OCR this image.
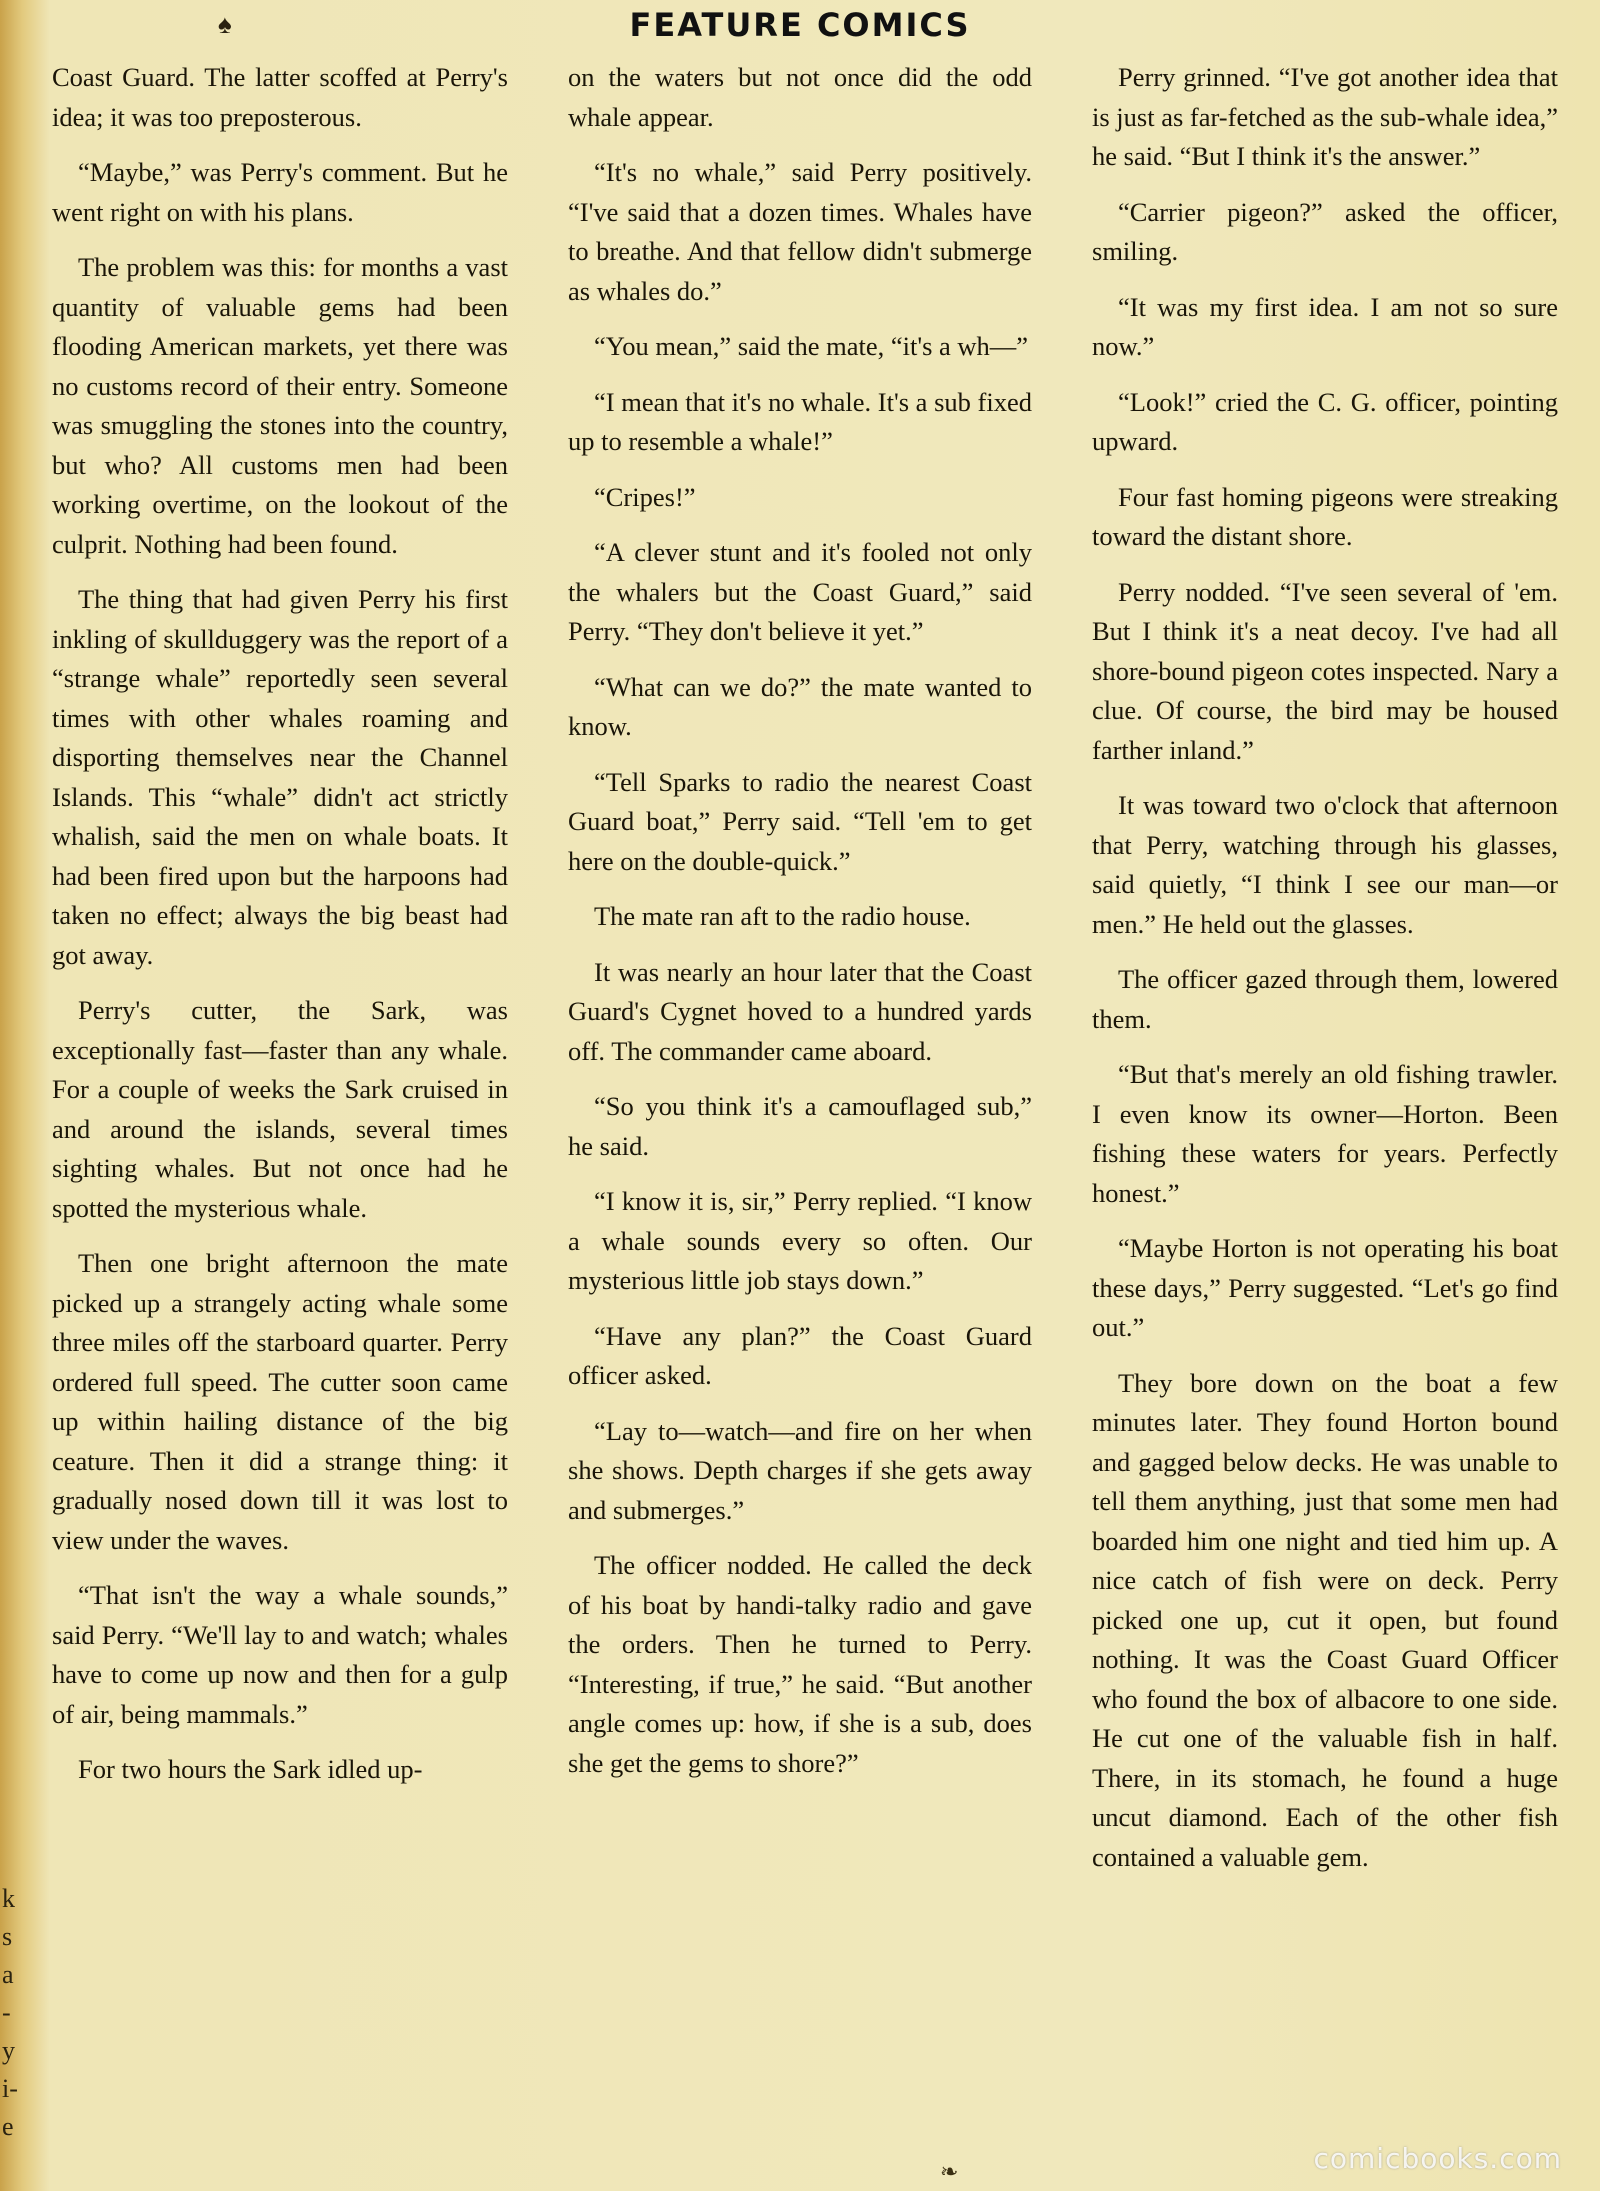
k
s
a
-
y
i-
e
♠	FEATURE COMICS

Coast Guard. The latter scoffed at Perry's idea; it was too preposterous.

“Maybe,” was Perry's comment. But he went right on with his plans.

The problem was this: for months a vast quantity of valuable gems had been flooding American markets, yet there was no customs record of their entry. Someone was smuggling the stones into the country, but who? All customs men had been working overtime, on the lookout of the culprit. Nothing had been found.

The thing that had given Perry his first inkling of skullduggery was the report of a “strange whale” reportedly seen several times with other whales roaming and disporting themselves near the Channel Islands. This “whale” didn't act strictly whalish, said the men on whale boats. It had been fired upon but the harpoons had taken no effect; always the big beast had got away.

Perry's cutter, the Sark, was exceptionally fast—faster than any whale. For a couple of weeks the Sark cruised in and around the islands, several times sighting whales. But not once had he spotted the mysterious whale.

Then one bright afternoon the mate picked up a strangely acting whale some three miles off the starboard quarter. Perry ordered full speed. The cutter soon came up within hailing distance of the big ceature. Then it did a strange thing: it gradually nosed down till it was lost to view under the waves.

“That isn't the way a whale sounds,” said Perry. “We'll lay to and watch; whales have to come up now and then for a gulp of air, being mammals.”

For two hours the Sark idled up-

on the waters but not once did the odd whale appear.

“It's no whale,” said Perry positively. “I've said that a dozen times. Whales have to breathe. And that fellow didn't submerge as whales do.”

“You mean,” said the mate, “it's a wh—”

“I mean that it's no whale. It's a sub fixed up to resemble a whale!”

“Cripes!”

“A clever stunt and it's fooled not only the whalers but the Coast Guard,” said Perry. “They don't believe it yet.”

“What can we do?” the mate wanted to know.

“Tell Sparks to radio the nearest Coast Guard boat,” Perry said. “Tell 'em to get here on the double-quick.”

The mate ran aft to the radio house.

It was nearly an hour later that the Coast Guard's Cygnet hoved to a hundred yards off. The commander came aboard.

“So you think it's a camouflaged sub,” he said.

“I know it is, sir,” Perry replied. “I know a whale sounds every so often. Our mysterious little job stays down.”

“Have any plan?” the Coast Guard officer asked.

“Lay to—watch—and fire on her when she shows. Depth charges if she gets away and submerges.”

The officer nodded. He called the deck of his boat by handi-talky radio and gave the orders. Then he turned to Perry. “Interesting, if true,” he said. “But another angle comes up: how, if she is a sub, does she get the gems to shore?”

Perry grinned. “I've got another idea that is just as far-fetched as the sub-whale idea,” he said. “But I think it's the answer.”

“Carrier pigeon?” asked the officer, smiling.

“It was my first idea. I am not so sure now.”

“Look!” cried the C. G. officer, pointing upward.

Four fast homing pigeons were streaking toward the distant shore.

Perry nodded. “I've seen several of 'em. But I think it's a neat decoy. I've had all shore-bound pigeon cotes inspected. Nary a clue. Of course, the bird may be housed farther inland.”

It was toward two o'clock that afternoon that Perry, watching through his glasses, said quietly, “I think I see our man—or men.” He held out the glasses.

The officer gazed through them, lowered them.

“But that's merely an old fishing trawler. I even know its owner—Horton. Been fishing these waters for years. Perfectly honest.”

“Maybe Horton is not operating his boat these days,” Perry suggested. “Let's go find out.”

They bore down on the boat a few minutes later. They found Horton bound and gagged below decks. He was unable to tell them anything, just that some men had boarded him one night and tied him up. A nice catch of fish were on deck. Perry picked one up, cut it open, but found nothing. It was the Coast Guard Officer who found the box of albacore to one side. He cut one of the valuable fish in half. There, in its stomach, he found a huge uncut diamond. Each of the other fish contained a valuable gem.

❧	comicbooks.com
